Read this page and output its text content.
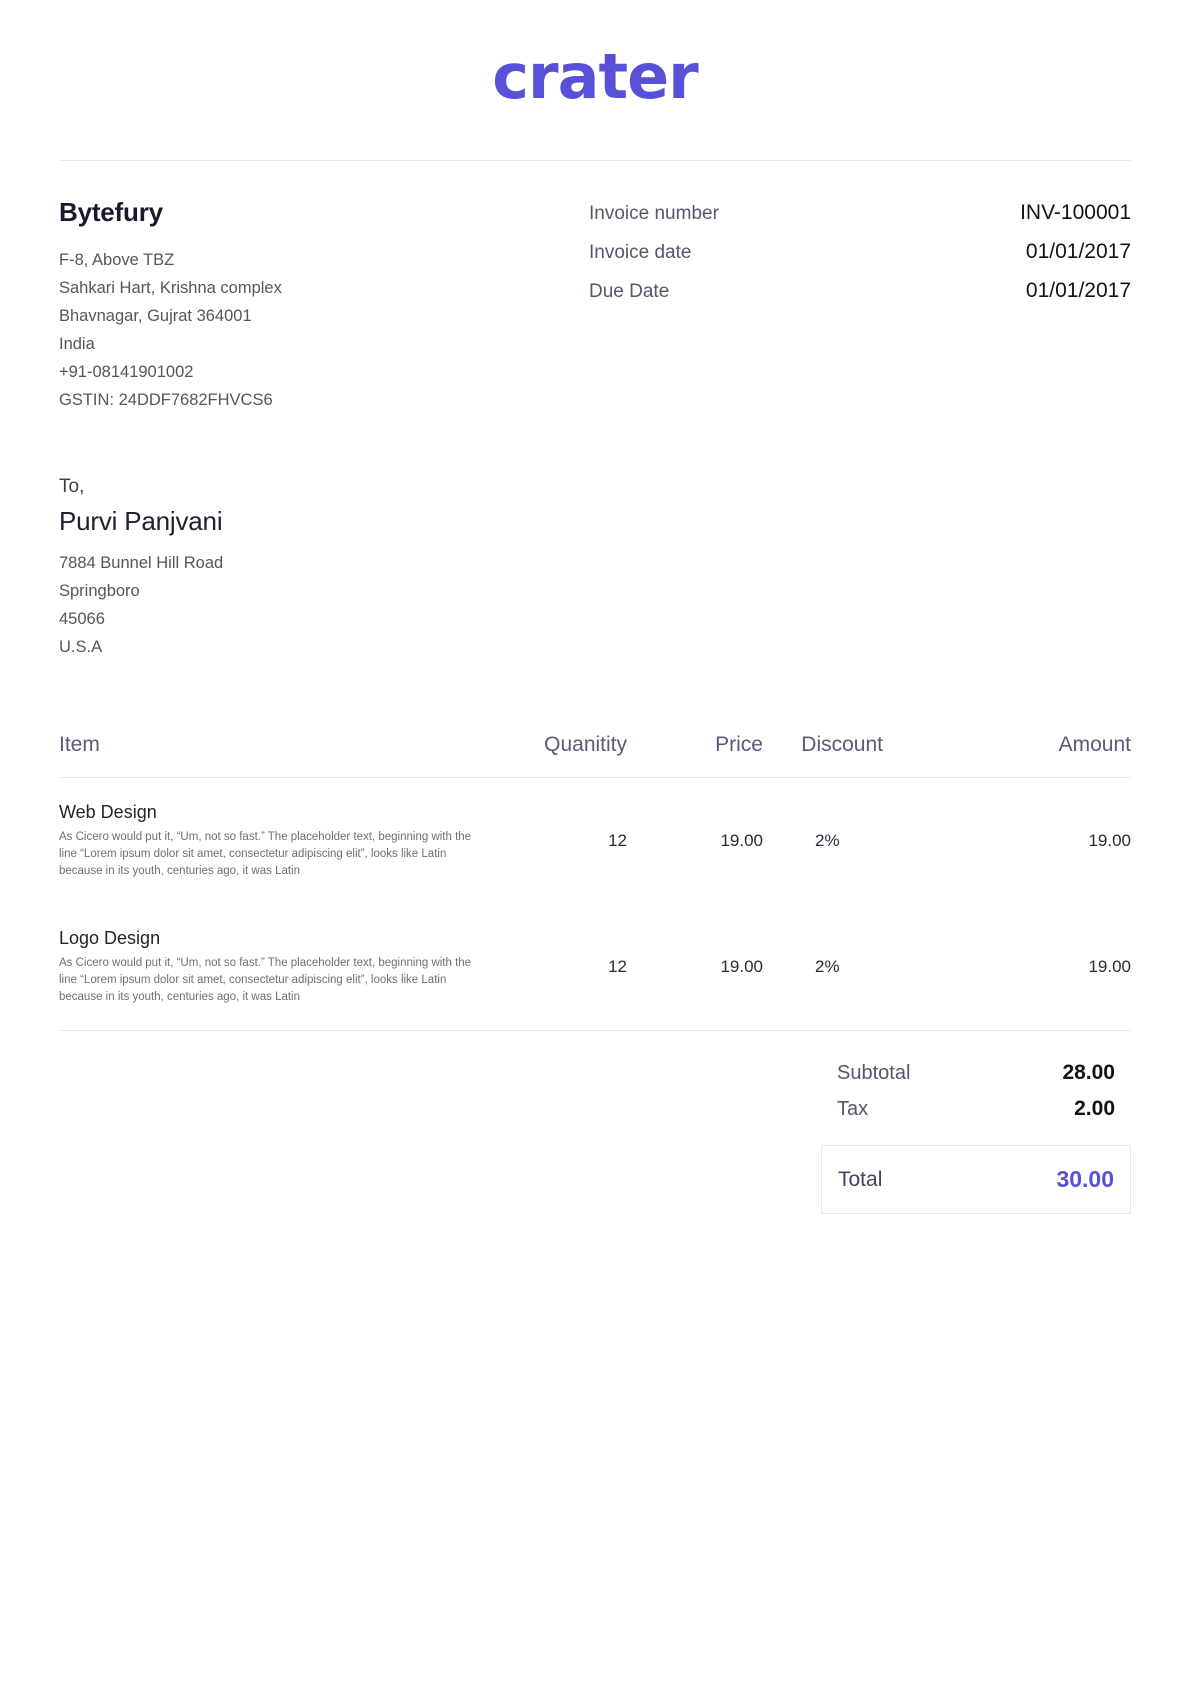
crater
Bytefury
F-8, Above TBZ
Sahkari Hart, Krishna complex
Bhavnagar, Gujrat 364001
India
+91-08141901002
GSTIN: 24DDF7682FHVCS6
Invoice number	INV-100001
Invoice date	01/01/2017
Due Date	01/01/2017
To,
Purvi Panjvani
7884 Bunnel Hill Road
Springboro
45066
U.S.A
Item	Quanitity	Price	Discount	Amount

Web Design
As Cicero would put it, “Um, not so fast.” The placeholder text, beginning with the line “Lorem ipsum dolor sit amet, consectetur adipiscing elit”, looks like Latin because in its youth, centuries ago, it was Latin	12	19.00	2%	19.00

Logo Design
As Cicero would put it, “Um, not so fast.” The placeholder text, beginning with the line “Lorem ipsum dolor sit amet, consectetur adipiscing elit”, looks like Latin because in its youth, centuries ago, it was Latin	12	19.00	2%	19.00
Subtotal	28.00
Tax	2.00
Total	30.00
